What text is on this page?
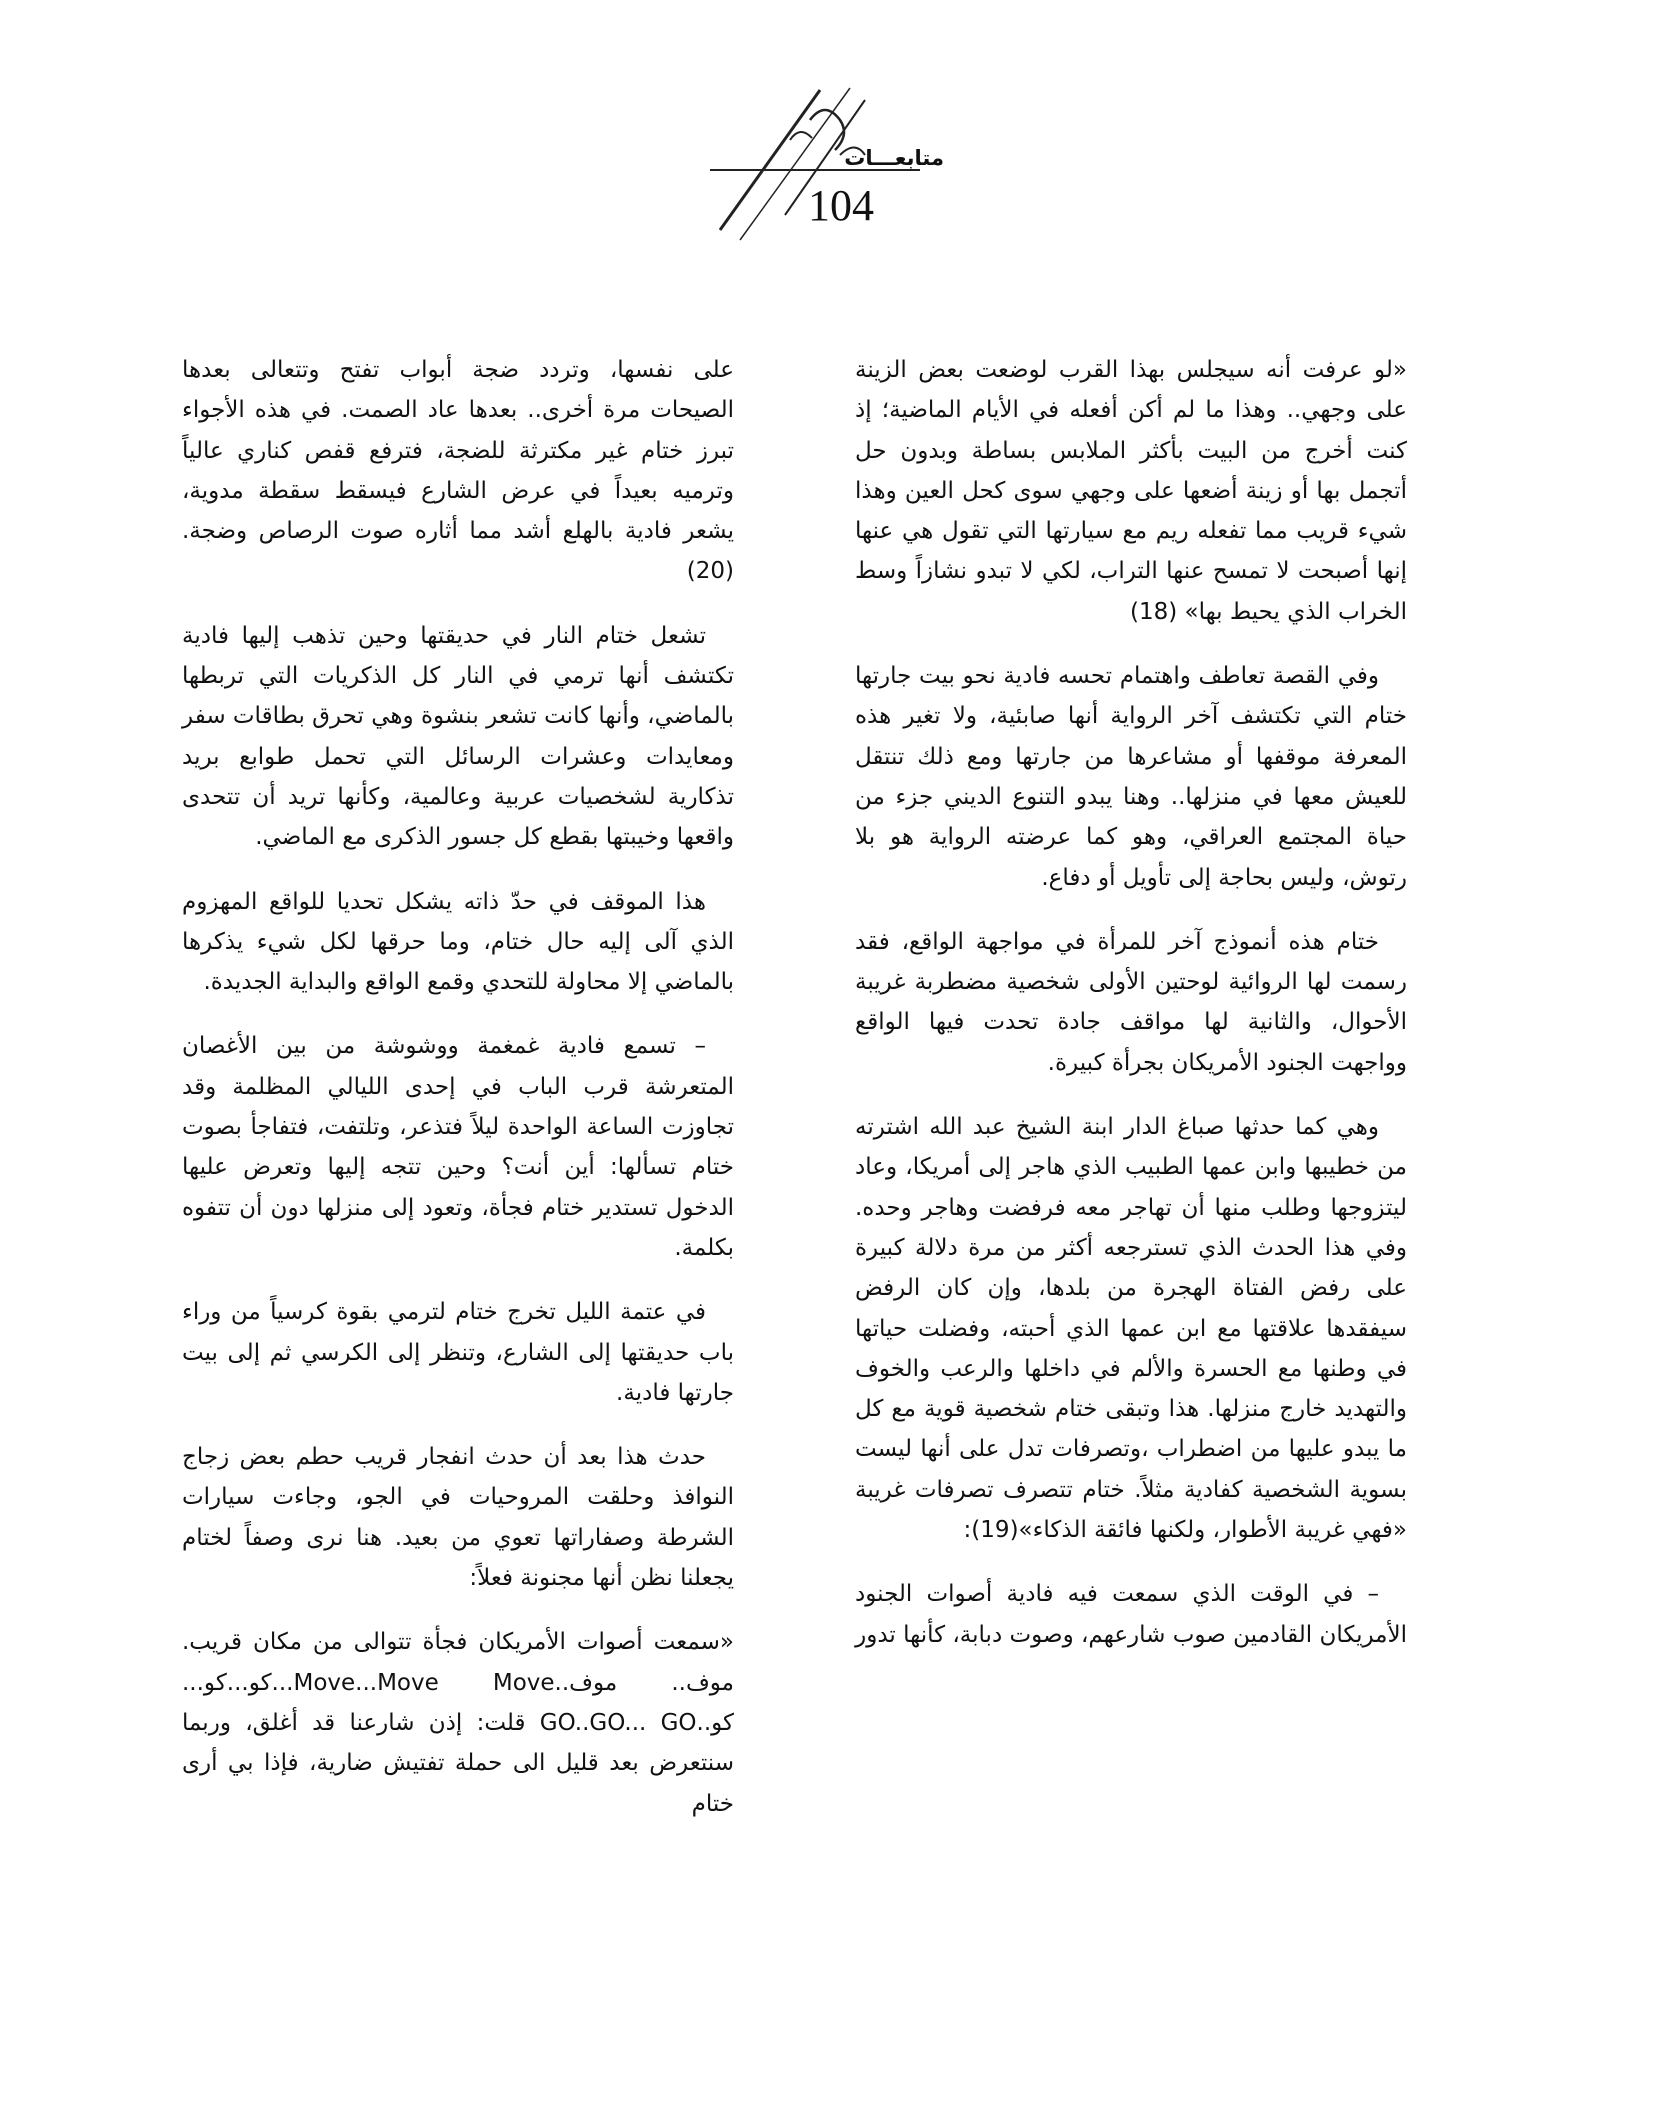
متابعـــات
104

«لو عرفت أنه سيجلس بهذا القرب لوضعت بعض الزينة على وجهي.. وهذا ما لم أكن أفعله في الأيام الماضية؛ إذ كنت أخرج من البيت بأكثر الملابس بساطة وبدون حل أتجمل بها أو زينة أضعها على وجهي سوى كحل العين وهذا شيء قريب مما تفعله ريم مع سيارتها التي تقول هي عنها إنها أصبحت لا تمسح عنها التراب، لكي لا تبدو نشازاً وسط الخراب الذي يحيط بها» (18)

وفي القصة تعاطف واهتمام تحسه فادية نحو بيت جارتها ختام التي تكتشف آخر الرواية أنها صابئية، ولا تغير هذه المعرفة موقفها أو مشاعرها من جارتها ومع ذلك تنتقل للعيش معها في منزلها.. وهنا يبدو التنوع الديني جزء من حياة المجتمع العراقي، وهو كما عرضته الرواية هو بلا رتوش، وليس بحاجة إلى تأويل أو دفاع.

ختام هذه أنموذج آخر للمرأة في مواجهة الواقع، فقد رسمت لها الروائية لوحتين الأولى شخصية مضطربة غريبة الأحوال، والثانية لها مواقف جادة تحدت فيها الواقع وواجهت الجنود الأمريكان بجرأة كبيرة.

وهي كما حدثها صباغ الدار ابنة الشيخ عبد الله اشترته من خطيبها وابن عمها الطبيب الذي هاجر إلى أمريكا، وعاد ليتزوجها وطلب منها أن تهاجر معه فرفضت وهاجر وحده. وفي هذا الحدث الذي تسترجعه أكثر من مرة دلالة كبيرة على رفض الفتاة الهجرة من بلدها، وإن كان الرفض سيفقدها علاقتها مع ابن عمها الذي أحبته، وفضلت حياتها في وطنها مع الحسرة والألم في داخلها والرعب والخوف والتهديد خارج منزلها. هذا وتبقى ختام شخصية قوية مع كل ما يبدو عليها من اضطراب ،وتصرفات تدل على أنها ليست بسوية الشخصية كفادية مثلاً. ختام تتصرف تصرفات غريبة «فهي غريبة الأطوار، ولكنها فائقة الذكاء»(19):

– في الوقت الذي سمعت فيه فادية أصوات الجنود الأمريكان القادمين صوب شارعهم، وصوت دبابة، كأنها تدور

على نفسها، وتردد ضجة أبواب تفتح وتتعالى بعدها الصيحات مرة أخرى.. بعدها عاد الصمت. في هذه الأجواء تبرز ختام غير مكترثة للضجة، فترفع قفص كناري عالياً وترميه بعيداً في عرض الشارع فيسقط سقطة مدوية، يشعر فادية بالهلع أشد مما أثاره صوت الرصاص وضجة.(20)

تشعل ختام النار في حديقتها وحين تذهب إليها فادية تكتشف أنها ترمي في النار كل الذكريات التي تربطها بالماضي، وأنها كانت تشعر بنشوة وهي تحرق بطاقات سفر ومعايدات وعشرات الرسائل التي تحمل طوابع بريد تذكارية لشخصيات عربية وعالمية، وكأنها تريد أن تتحدى واقعها وخيبتها بقطع كل جسور الذكرى مع الماضي.

هذا الموقف في حدّ ذاته يشكل تحديا للواقع المهزوم الذي آلى إليه حال ختام، وما حرقها لكل شيء يذكرها بالماضي إلا محاولة للتحدي وقمع الواقع والبداية الجديدة.

– تسمع فادية غمغمة ووشوشة من بين الأغصان المتعرشة قرب الباب في إحدى الليالي المظلمة وقد تجاوزت الساعة الواحدة ليلاً فتذعر، وتلتفت، فتفاجأ بصوت ختام تسألها: أين أنت؟ وحين تتجه إليها وتعرض عليها الدخول تستدير ختام فجأة، وتعود إلى منزلها دون أن تتفوه بكلمة.

في عتمة الليل تخرج ختام لترمي بقوة كرسياً من وراء باب حديقتها إلى الشارع، وتنظر إلى الكرسي ثم إلى بيت جارتها فادية.

حدث هذا بعد أن حدث انفجار قريب حطم بعض زجاج النوافذ وحلقت المروحيات في الجو، وجاءت سيارات الشرطة وصفاراتها تعوي من بعيد. هنا نرى وصفاً لختام يجعلنا نظن أنها مجنونة فعلاً:

«سمعت أصوات الأمريكان فجأة تتوالى من مكان قريب. موف.. موف..Move...Move Move...كو...كو... كو..GO..GO... GO قلت: إذن شارعنا قد أغلق، وربما سنتعرض بعد قليل الى حملة تفتيش ضارية، فإذا بي أرى ختام
